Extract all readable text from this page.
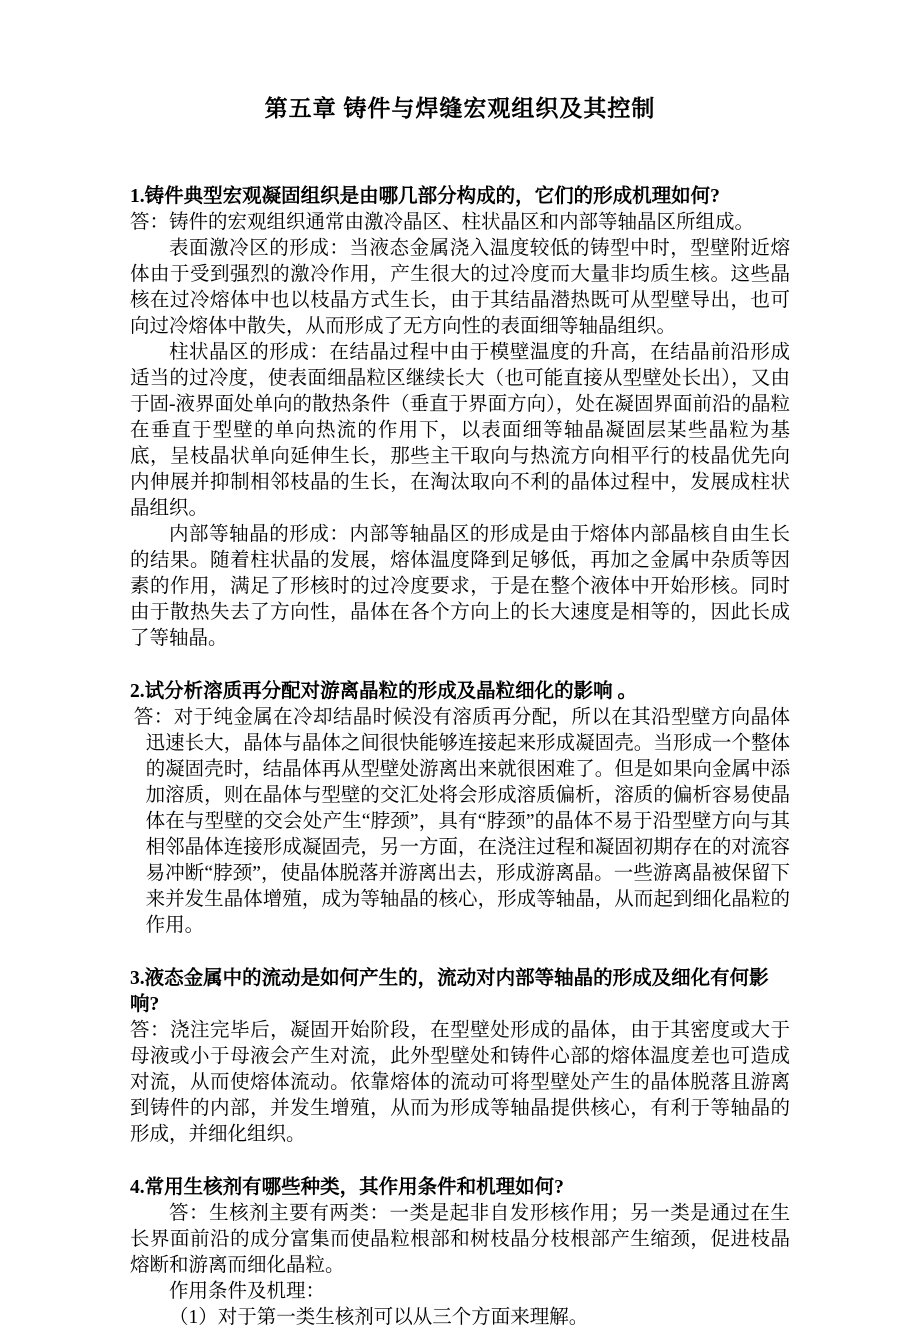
第五章 铸件与焊缝宏观组织及其控制

1.铸件典型宏观凝固组织是由哪几部分构成的，它们的形成机理如何?

答：铸件的宏观组织通常由激冷晶区、柱状晶区和内部等轴晶区所组成。

表面激冷区的形成：当液态金属浇入温度较低的铸型中时，型壁附近熔体由于受到强烈的激冷作用，产生很大的过冷度而大量非均质生核。这些晶核在过冷熔体中也以枝晶方式生长，由于其结晶潜热既可从型壁导出，也可向过冷熔体中散失，从而形成了无方向性的表面细等轴晶组织。

柱状晶区的形成：在结晶过程中由于模壁温度的升高，在结晶前沿形成适当的过冷度，使表面细晶粒区继续长大（也可能直接从型壁处长出），又由于固-液界面处单向的散热条件（垂直于界面方向），处在凝固界面前沿的晶粒在垂直于型壁的单向热流的作用下，以表面细等轴晶凝固层某些晶粒为基底，呈枝晶状单向延伸生长，那些主干取向与热流方向相平行的枝晶优先向内伸展并抑制相邻枝晶的生长，在淘汰取向不利的晶体过程中，发展成柱状晶组织。

内部等轴晶的形成：内部等轴晶区的形成是由于熔体内部晶核自由生长的结果。随着柱状晶的发展，熔体温度降到足够低，再加之金属中杂质等因素的作用，满足了形核时的过冷度要求，于是在整个液体中开始形核。同时由于散热失去了方向性，晶体在各个方向上的长大速度是相等的，因此长成了等轴晶。

2.试分析溶质再分配对游离晶粒的形成及晶粒细化的影响 。

答：对于纯金属在冷却结晶时候没有溶质再分配，所以在其沿型壁方向晶体迅速长大，晶体与晶体之间很快能够连接起来形成凝固壳。当形成一个整体的凝固壳时，结晶体再从型壁处游离出来就很困难了。但是如果向金属中添加溶质，则在晶体与型壁的交汇处将会形成溶质偏析，溶质的偏析容易使晶体在与型壁的交会处产生“脖颈”，具有“脖颈”的晶体不易于沿型壁方向与其相邻晶体连接形成凝固壳，另一方面，在浇注过程和凝固初期存在的对流容易冲断“脖颈”，使晶体脱落并游离出去，形成游离晶。一些游离晶被保留下来并发生晶体增殖，成为等轴晶的核心，形成等轴晶，从而起到细化晶粒的作用。

3.液态金属中的流动是如何产生的，流动对内部等轴晶的形成及细化有何影响?

答：浇注完毕后，凝固开始阶段，在型壁处形成的晶体，由于其密度或大于母液或小于母液会产生对流，此外型壁处和铸件心部的熔体温度差也可造成对流，从而使熔体流动。依靠熔体的流动可将型壁处产生的晶体脱落且游离到铸件的内部，并发生增殖，从而为形成等轴晶提供核心，有利于等轴晶的形成，并细化组织。

4.常用生核剂有哪些种类，其作用条件和机理如何?

答：生核剂主要有两类：一类是起非自发形核作用；另一类是通过在生长界面前沿的成分富集而使晶粒根部和树枝晶分枝根部产生缩颈，促进枝晶熔断和游离而细化晶粒。

作用条件及机理：

（1）对于第一类生核剂可以从三个方面来理解。
